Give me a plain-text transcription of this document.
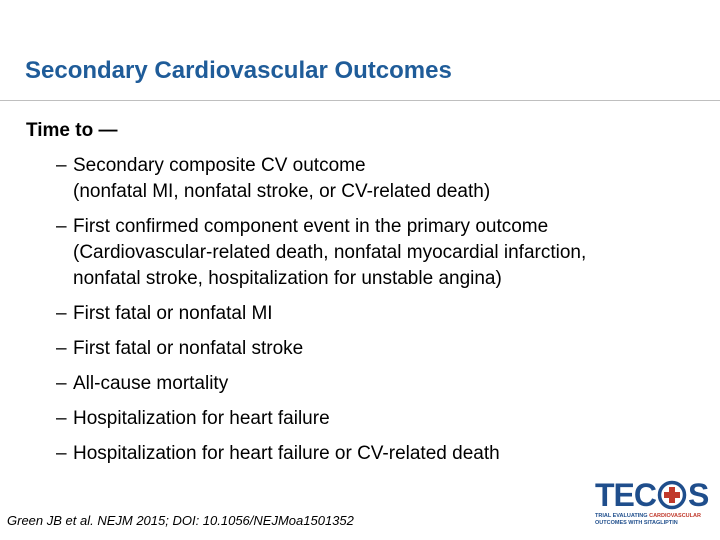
Secondary Cardiovascular Outcomes

Time to —

– Secondary composite CV outcome
(nonfatal MI, nonfatal stroke, or CV-related death)
– First confirmed component event in the primary outcome
(Cardiovascular-related death, nonfatal myocardial infarction,
nonfatal stroke, hospitalization for unstable angina)
– First fatal or nonfatal MI
– First fatal or nonfatal stroke
– All-cause mortality
– Hospitalization for heart failure
– Hospitalization for heart failure or CV-related death

Green JB et al. NEJM 2015; DOI: 10.1056/NEJMoa1501352

TEC S
TRIAL EVALUATING CARDIOVASCULAR OUTCOMES WITH SITAGLIPTIN
